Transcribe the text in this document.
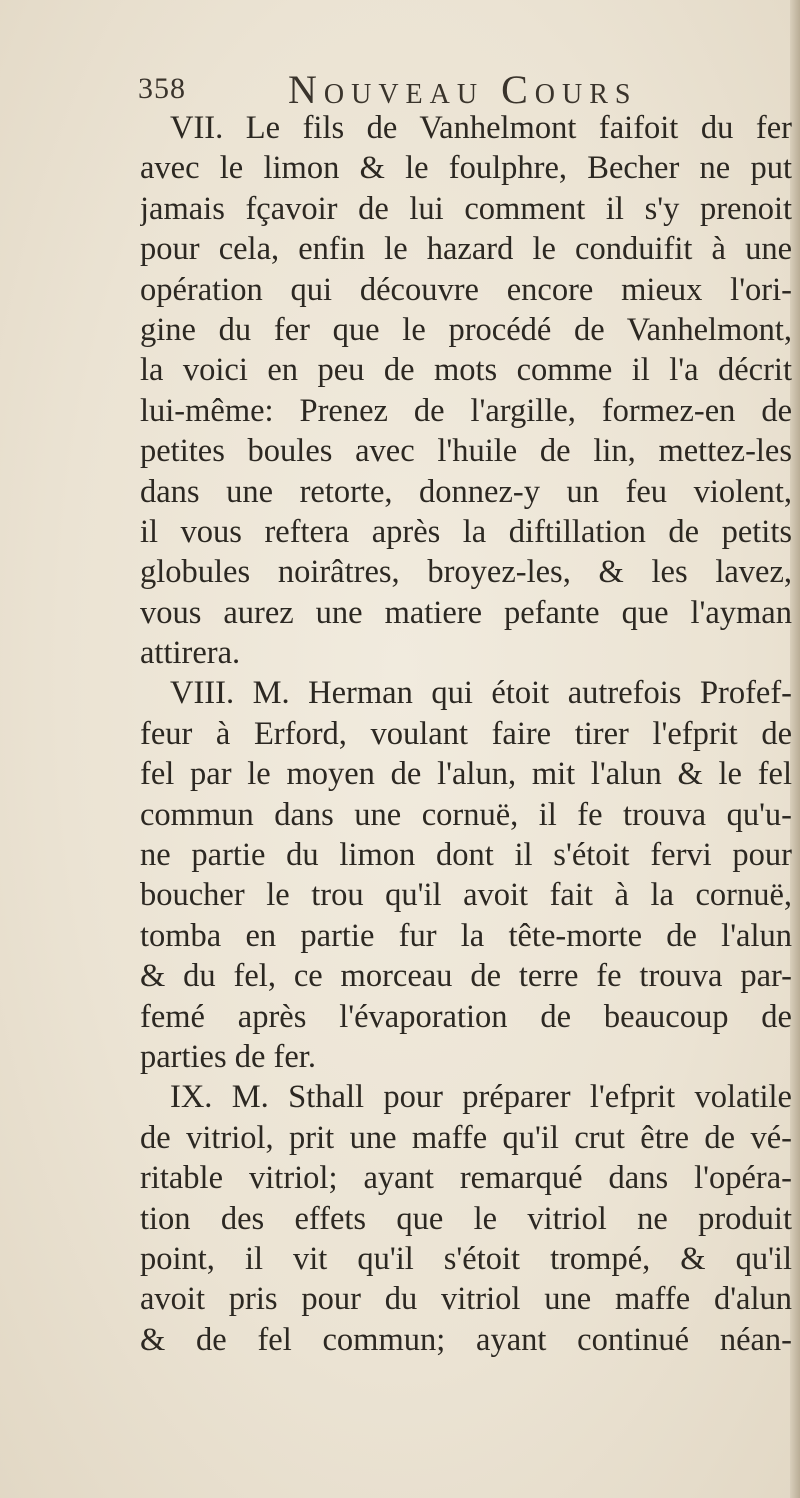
358	Nouveau Cours
VII. Le fils de Vanhelmont faifoit du fer
avec le limon & le foulphre, Becher ne put
jamais fçavoir de lui comment il s'y prenoit
pour cela, enfin le hazard le conduifit à une
opération qui découvre encore mieux l'ori-
gine du fer que le procédé de Vanhelmont,
la voici en peu de mots comme il l'a décrit
lui-même: Prenez de l'argille, formez-en de
petites boules avec l'huile de lin, mettez-les
dans une retorte, donnez-y un feu violent,
il vous reftera après la diftillation de petits
globules noirâtres, broyez-les, & les lavez,
vous aurez une matiere pefante que l'ayman
attirera.
VIII. M. Herman qui étoit autrefois Profef-
feur à Erford, voulant faire tirer l'efprit de
fel par le moyen de l'alun, mit l'alun & le fel
commun dans une cornuë, il fe trouva qu'u-
ne partie du limon dont il s'étoit fervi pour
boucher le trou qu'il avoit fait à la cornuë,
tomba en partie fur la tête-morte de l'alun
& du fel, ce morceau de terre fe trouva par-
femé après l'évaporation de beaucoup de
parties de fer.
IX. M. Sthall pour préparer l'efprit volatile
de vitriol, prit une maffe qu'il crut être de vé-
ritable vitriol; ayant remarqué dans l'opéra-
tion des effets que le vitriol ne produit
point, il vit qu'il s'étoit trompé, & qu'il
avoit pris pour du vitriol une maffe d'alun
& de fel commun; ayant continué néan-
